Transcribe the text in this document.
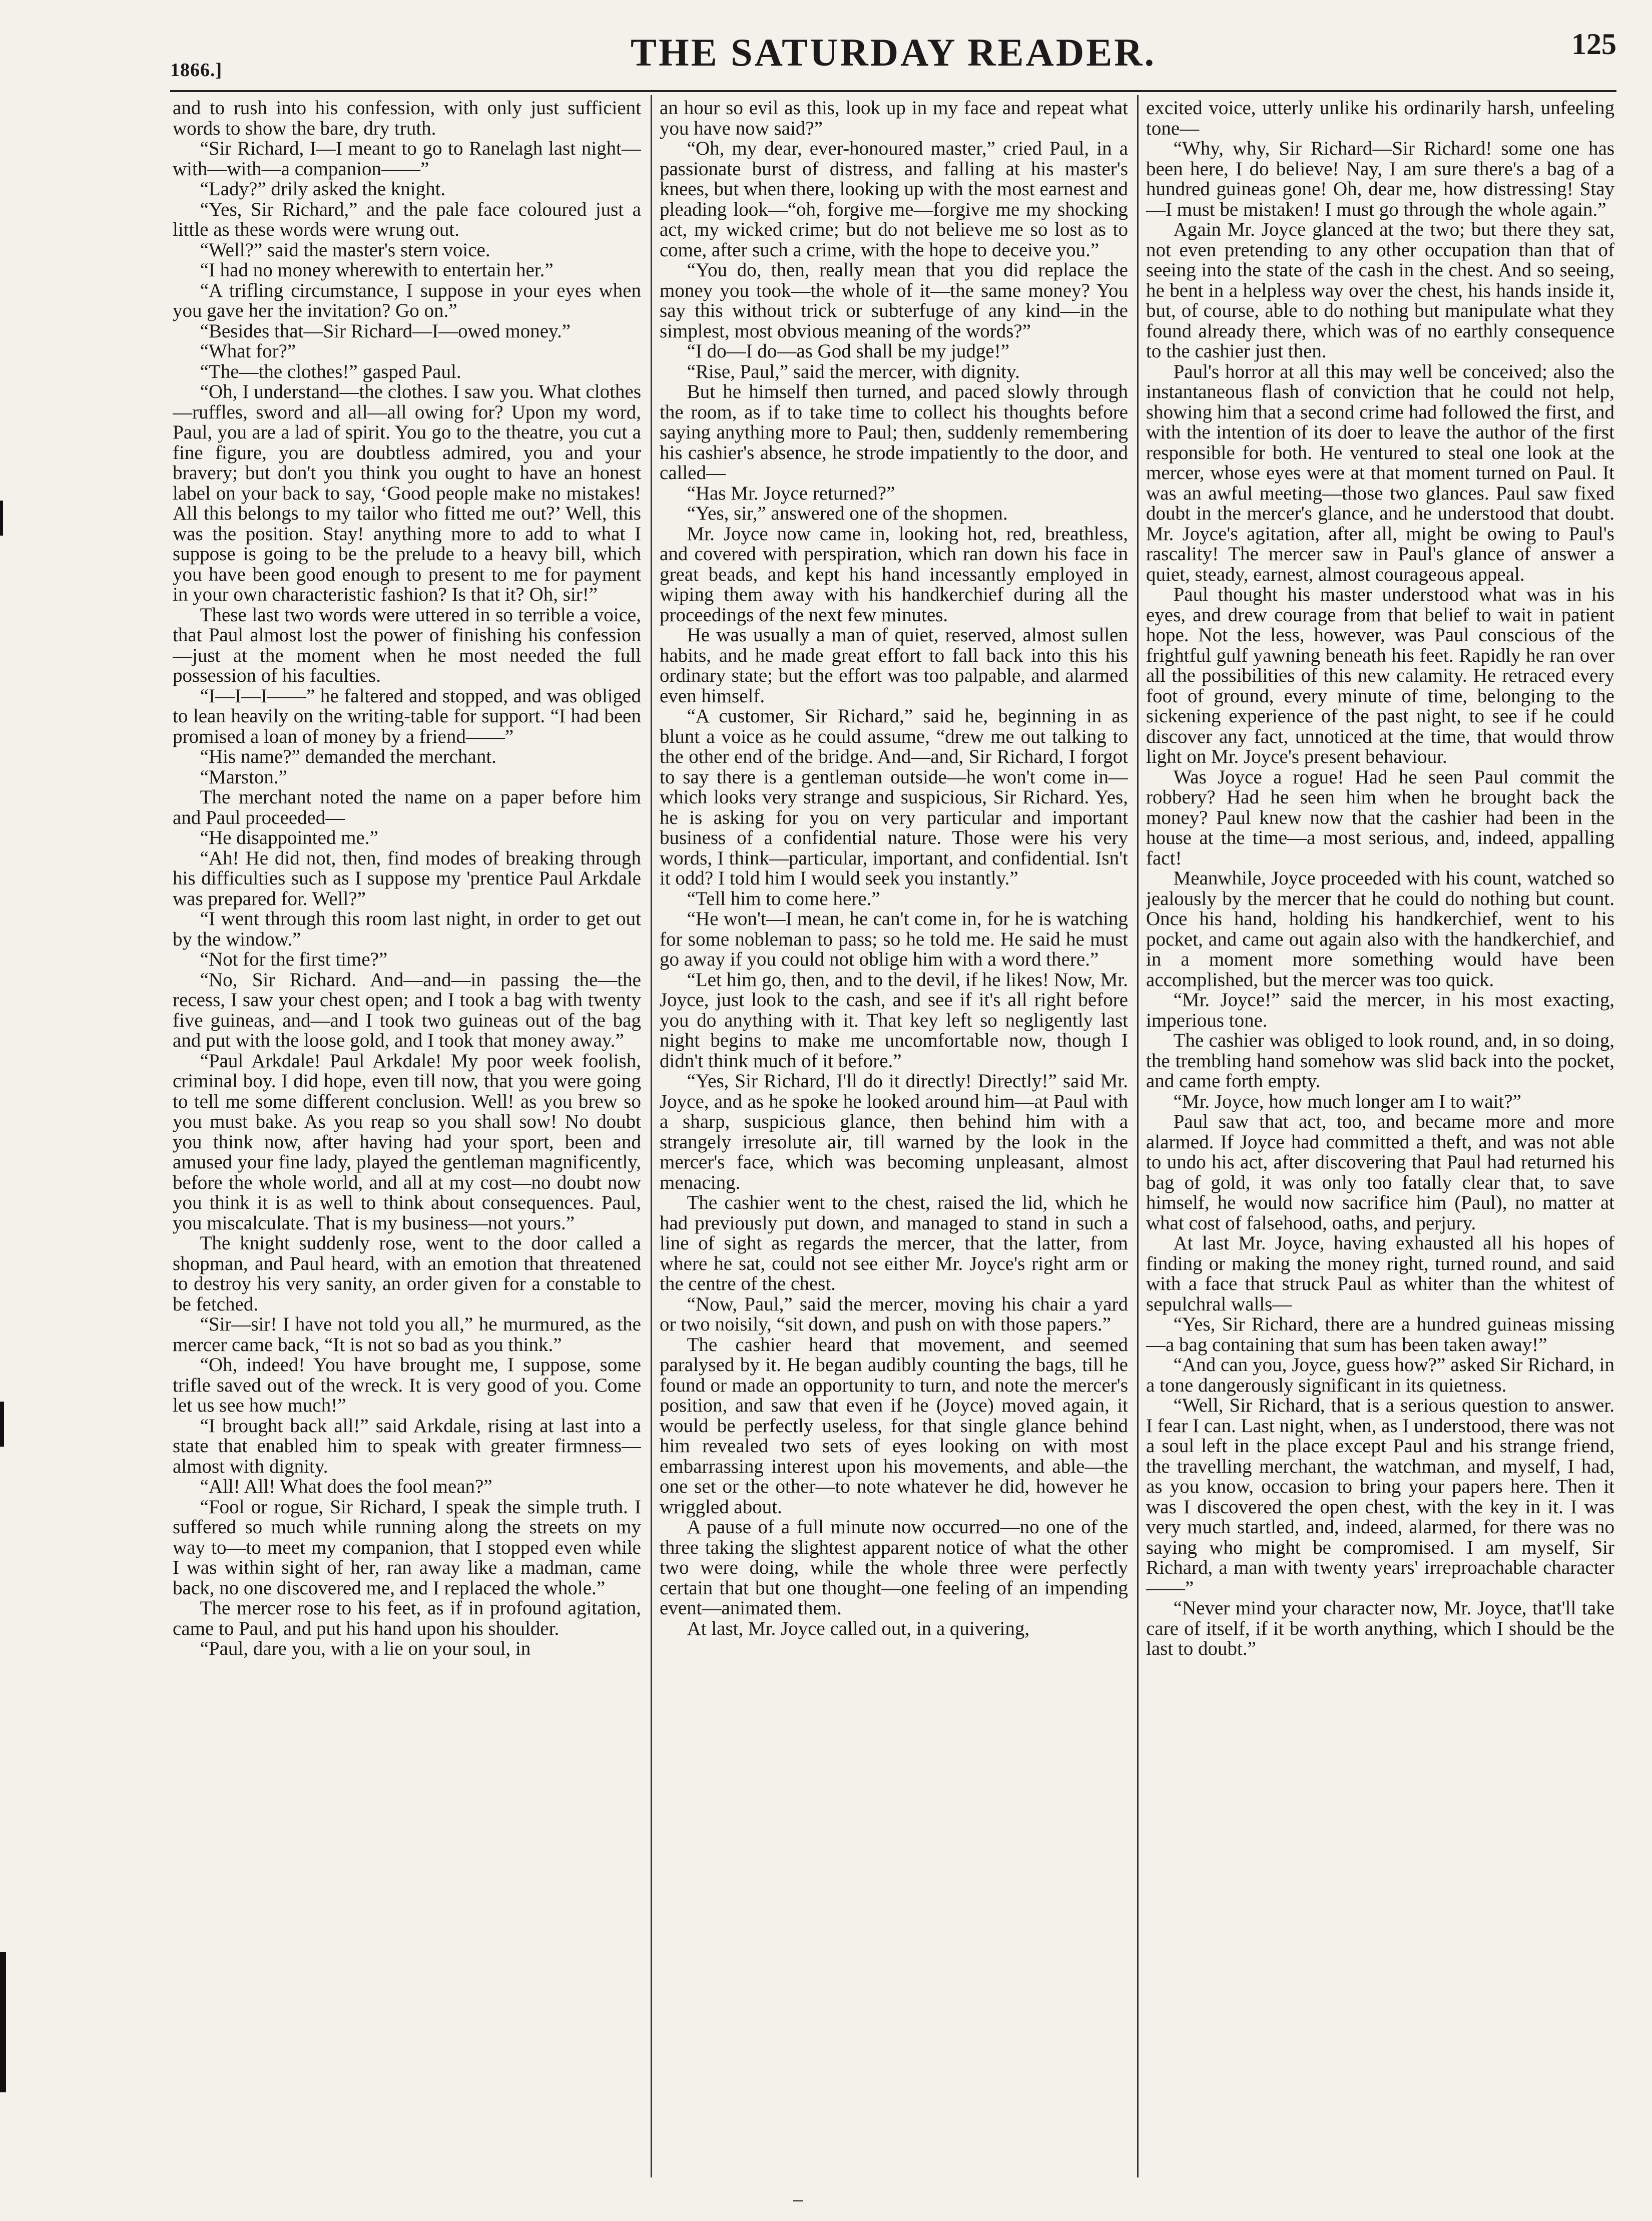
1866.]	THE SATURDAY READER.	125

and to rush into his confession, with only just sufficient words to show the bare, dry truth.

“Sir Richard, I—I meant to go to Ranelagh last night—with—with—a companion——”

“Lady?” drily asked the knight.

“Yes, Sir Richard,” and the pale face coloured just a little as these words were wrung out.

“Well?” said the master's stern voice.

“I had no money wherewith to entertain her.”

“A trifling circumstance, I suppose in your eyes when you gave her the invitation? Go on.”

“Besides that—Sir Richard—I—owed money.”

“What for?”

“The—the clothes!” gasped Paul.

“Oh, I understand—the clothes. I saw you. What clothes—ruffles, sword and all—all owing for? Upon my word, Paul, you are a lad of spirit. You go to the theatre, you cut a fine figure, you are doubtless admired, you and your bravery; but don't you think you ought to have an honest label on your back to say, ‘Good people make no mistakes! All this belongs to my tailor who fitted me out?’ Well, this was the position. Stay! anything more to add to what I suppose is going to be the prelude to a heavy bill, which you have been good enough to present to me for payment in your own characteristic fashion? Is that it? Oh, sir!”

These last two words were uttered in so terrible a voice, that Paul almost lost the power of finishing his confession—just at the moment when he most needed the full possession of his faculties.

“I—I—I——” he faltered and stopped, and was obliged to lean heavily on the writing-table for support. “I had been promised a loan of money by a friend——”

“His name?” demanded the merchant.

“Marston.”

The merchant noted the name on a paper before him and Paul proceeded—

“He disappointed me.”

“Ah! He did not, then, find modes of breaking through his difficulties such as I suppose my 'prentice Paul Arkdale was prepared for. Well?”

“I went through this room last night, in order to get out by the window.”

“Not for the first time?”

“No, Sir Richard. And—and—in passing the—the recess, I saw your chest open; and I took a bag with twenty five guineas, and—and I took two guineas out of the bag and put with the loose gold, and I took that money away.”

“Paul Arkdale! Paul Arkdale! My poor week foolish, criminal boy. I did hope, even till now, that you were going to tell me some different conclusion. Well! as you brew so you must bake. As you reap so you shall sow! No doubt you think now, after having had your sport, been and amused your fine lady, played the gentleman magnificently, before the whole world, and all at my cost—no doubt now you think it is as well to think about consequences. Paul, you miscalculate. That is my business—not yours.”

The knight suddenly rose, went to the door called a shopman, and Paul heard, with an emotion that threatened to destroy his very sanity, an order given for a constable to be fetched.

“Sir—sir! I have not told you all,” he murmured, as the mercer came back, “It is not so bad as you think.”

“Oh, indeed! You have brought me, I suppose, some trifle saved out of the wreck. It is very good of you. Come let us see how much!”

“I brought back all!” said Arkdale, rising at last into a state that enabled him to speak with greater firmness—almost with dignity.

“All! All! What does the fool mean?”

“Fool or rogue, Sir Richard, I speak the simple truth. I suffered so much while running along the streets on my way to—to meet my companion, that I stopped even while I was within sight of her, ran away like a madman, came back, no one discovered me, and I replaced the whole.”

The mercer rose to his feet, as if in profound agitation, came to Paul, and put his hand upon his shoulder.

“Paul, dare you, with a lie on your soul, in

an hour so evil as this, look up in my face and repeat what you have now said?”

“Oh, my dear, ever-honoured master,” cried Paul, in a passionate burst of distress, and falling at his master's knees, but when there, looking up with the most earnest and pleading look—“oh, forgive me—forgive me my shocking act, my wicked crime; but do not believe me so lost as to come, after such a crime, with the hope to deceive you.”

“You do, then, really mean that you did replace the money you took—the whole of it—the same money? You say this without trick or subterfuge of any kind—in the simplest, most obvious meaning of the words?”

“I do—I do—as God shall be my judge!”

“Rise, Paul,” said the mercer, with dignity.

But he himself then turned, and paced slowly through the room, as if to take time to collect his thoughts before saying anything more to Paul; then, suddenly remembering his cashier's absence, he strode impatiently to the door, and called—

“Has Mr. Joyce returned?”

“Yes, sir,” answered one of the shopmen.

Mr. Joyce now came in, looking hot, red, breathless, and covered with perspiration, which ran down his face in great beads, and kept his hand incessantly employed in wiping them away with his handkerchief during all the proceedings of the next few minutes.

He was usually a man of quiet, reserved, almost sullen habits, and he made great effort to fall back into this his ordinary state; but the effort was too palpable, and alarmed even himself.

“A customer, Sir Richard,” said he, beginning in as blunt a voice as he could assume, “drew me out talking to the other end of the bridge. And—and, Sir Richard, I forgot to say there is a gentleman outside—he won't come in—which looks very strange and suspicious, Sir Richard. Yes, he is asking for you on very particular and important business of a confidential nature. Those were his very words, I think—particular, important, and confidential. Isn't it odd? I told him I would seek you instantly.”

“Tell him to come here.”

“He won't—I mean, he can't come in, for he is watching for some nobleman to pass; so he told me. He said he must go away if you could not oblige him with a word there.”

“Let him go, then, and to the devil, if he likes! Now, Mr. Joyce, just look to the cash, and see if it's all right before you do anything with it. That key left so negligently last night begins to make me uncomfortable now, though I didn't think much of it before.”

“Yes, Sir Richard, I'll do it directly! Directly!” said Mr. Joyce, and as he spoke he looked around him—at Paul with a sharp, suspicious glance, then behind him with a strangely irresolute air, till warned by the look in the mercer's face, which was becoming unpleasant, almost menacing.

The cashier went to the chest, raised the lid, which he had previously put down, and managed to stand in such a line of sight as regards the mercer, that the latter, from where he sat, could not see either Mr. Joyce's right arm or the centre of the chest.

“Now, Paul,” said the mercer, moving his chair a yard or two noisily, “sit down, and push on with those papers.”

The cashier heard that movement, and seemed paralysed by it. He began audibly counting the bags, till he found or made an opportunity to turn, and note the mercer's position, and saw that even if he (Joyce) moved again, it would be perfectly useless, for that single glance behind him revealed two sets of eyes looking on with most embarrassing interest upon his movements, and able—the one set or the other—to note whatever he did, however he wriggled about.

A pause of a full minute now occurred—no one of the three taking the slightest apparent notice of what the other two were doing, while the whole three were perfectly certain that but one thought—one feeling of an impending event—animated them.

At last, Mr. Joyce called out, in a quivering,

excited voice, utterly unlike his ordinarily harsh, unfeeling tone—

“Why, why, Sir Richard—Sir Richard! some one has been here, I do believe! Nay, I am sure there's a bag of a hundred guineas gone! Oh, dear me, how distressing! Stay—I must be mistaken! I must go through the whole again.”

Again Mr. Joyce glanced at the two; but there they sat, not even pretending to any other occupation than that of seeing into the state of the cash in the chest. And so seeing, he bent in a helpless way over the chest, his hands inside it, but, of course, able to do nothing but manipulate what they found already there, which was of no earthly consequence to the cashier just then.

Paul's horror at all this may well be conceived; also the instantaneous flash of conviction that he could not help, showing him that a second crime had followed the first, and with the intention of its doer to leave the author of the first responsible for both. He ventured to steal one look at the mercer, whose eyes were at that moment turned on Paul. It was an awful meeting—those two glances. Paul saw fixed doubt in the mercer's glance, and he understood that doubt. Mr. Joyce's agitation, after all, might be owing to Paul's rascality! The mercer saw in Paul's glance of answer a quiet, steady, earnest, almost courageous appeal.

Paul thought his master understood what was in his eyes, and drew courage from that belief to wait in patient hope. Not the less, however, was Paul conscious of the frightful gulf yawning beneath his feet. Rapidly he ran over all the possibilities of this new calamity. He retraced every foot of ground, every minute of time, belonging to the sickening experience of the past night, to see if he could discover any fact, unnoticed at the time, that would throw light on Mr. Joyce's present behaviour.

Was Joyce a rogue! Had he seen Paul commit the robbery? Had he seen him when he brought back the money? Paul knew now that the cashier had been in the house at the time—a most serious, and, indeed, appalling fact!

Meanwhile, Joyce proceeded with his count, watched so jealously by the mercer that he could do nothing but count. Once his hand, holding his handkerchief, went to his pocket, and came out again also with the handkerchief, and in a moment more something would have been accomplished, but the mercer was too quick.

“Mr. Joyce!” said the mercer, in his most exacting, imperious tone.

The cashier was obliged to look round, and, in so doing, the trembling hand somehow was slid back into the pocket, and came forth empty.

“Mr. Joyce, how much longer am I to wait?”

Paul saw that act, too, and became more and more alarmed. If Joyce had committed a theft, and was not able to undo his act, after discovering that Paul had returned his bag of gold, it was only too fatally clear that, to save himself, he would now sacrifice him (Paul), no matter at what cost of falsehood, oaths, and perjury.

At last Mr. Joyce, having exhausted all his hopes of finding or making the money right, turned round, and said with a face that struck Paul as whiter than the whitest of sepulchral walls—

“Yes, Sir Richard, there are a hundred guineas missing—a bag containing that sum has been taken away!”

“And can you, Joyce, guess how?” asked Sir Richard, in a tone dangerously significant in its quietness.

“Well, Sir Richard, that is a serious question to answer. I fear I can. Last night, when, as I understood, there was not a soul left in the place except Paul and his strange friend, the travelling merchant, the watchman, and myself, I had, as you know, occasion to bring your papers here. Then it was I discovered the open chest, with the key in it. I was very much startled, and, indeed, alarmed, for there was no saying who might be compromised. I am myself, Sir Richard, a man with twenty years' irreproachable character——”

“Never mind your character now, Mr. Joyce, that'll take care of itself, if it be worth anything, which I should be the last to doubt.”
